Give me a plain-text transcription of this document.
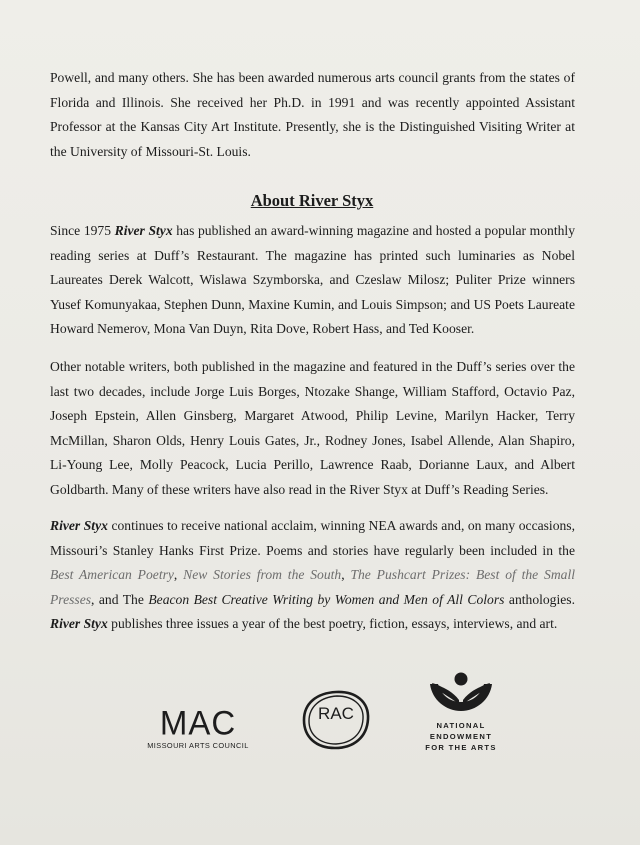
Powell, and many others. She has been awarded numerous arts council grants from the states of Florida and Illinois. She received her Ph.D. in 1991 and was recently appointed Assistant Professor at the Kansas City Art Institute. Presently, she is the Distinguished Visiting Writer at the University of Missouri-St. Louis.

About River Styx

Since 1975 River Styx has published an award-winning magazine and hosted a popular monthly reading series at Duff’s Restaurant. The magazine has printed such luminaries as Nobel Laureates Derek Walcott, Wislawa Szymborska, and Czeslaw Milosz; Puliter Prize winners Yusef Komunyakaa, Stephen Dunn, Maxine Kumin, and Louis Simpson; and US Poets Laureate Howard Nemerov, Mona Van Duyn, Rita Dove, Robert Hass, and Ted Kooser.

Other notable writers, both published in the magazine and featured in the Duff’s series over the last two decades, include Jorge Luis Borges, Ntozake Shange, William Stafford, Octavio Paz, Joseph Epstein, Allen Ginsberg, Margaret Atwood, Philip Levine, Marilyn Hacker, Terry McMillan, Sharon Olds, Henry Louis Gates, Jr., Rodney Jones, Isabel Allende, Alan Shapiro, Li-Young Lee, Molly Peacock, Lucia Perillo, Lawrence Raab, Dorianne Laux, and Albert Goldbarth. Many of these writers have also read in the River Styx at Duff’s Reading Series.

River Styx continues to receive national acclaim, winning NEA awards and, on many occasions, Missouri’s Stanley Hanks First Prize. Poems and stories have regularly been included in the Best American Poetry, New Stories from the South, The Pushcart Prizes: Best of the Small Presses, and The Beacon Best Creative Writing by Women and Men of All Colors anthologies. River Styx publishes three issues a year of the best poetry, fiction, essays, interviews, and art.

MAC
MISSOURI ARTS COUNCIL
RAC
NATIONAL
ENDOWMENT
FOR THE ARTS
